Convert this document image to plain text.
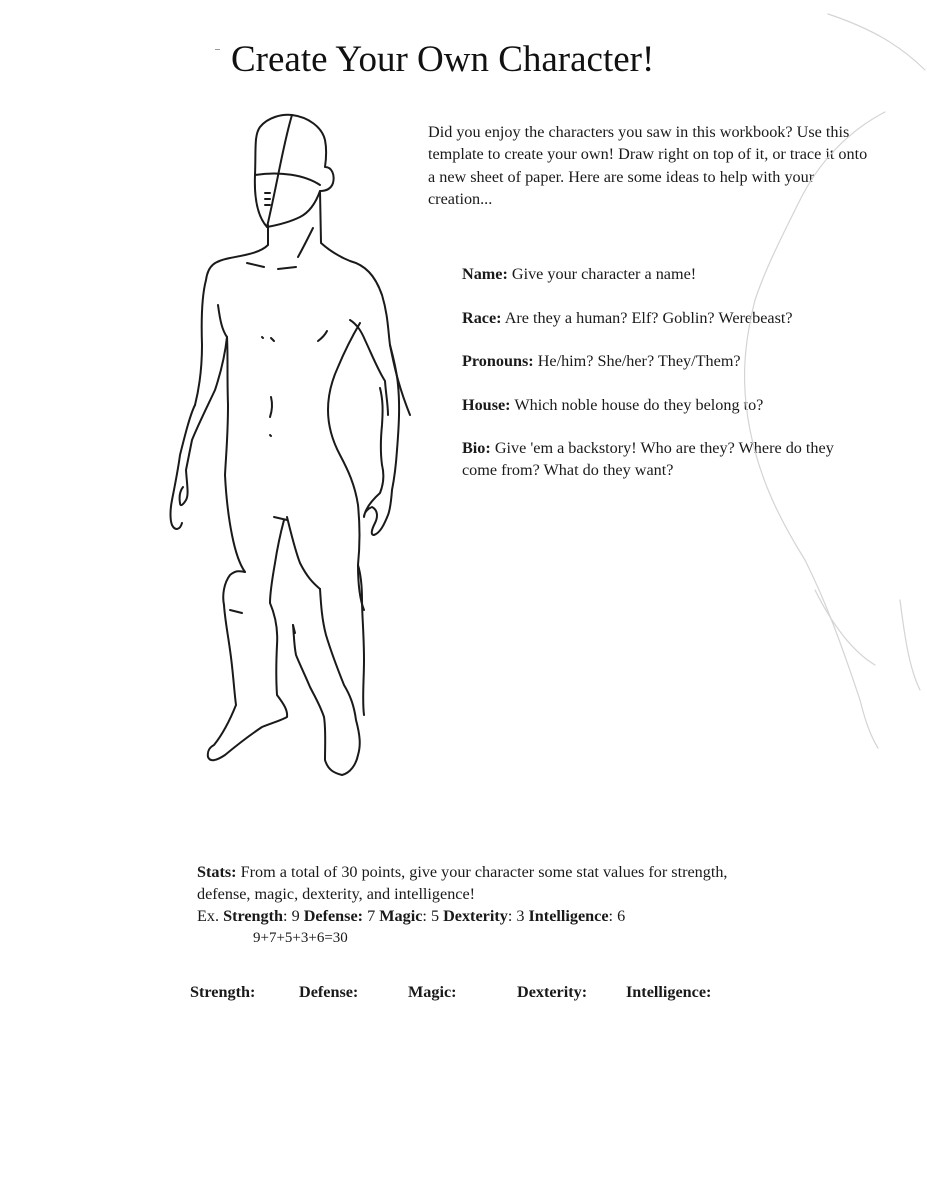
Create Your Own Character!

Did you enjoy the characters you saw in this workbook? Use this template to create your own! Draw right on top of it, or trace it onto a new sheet of paper. Here are some ideas to help with your creation...

Name: Give your character a name!
Race: Are they a human? Elf? Goblin? Werebeast?
Pronouns: He/him? She/her? They/Them?
House: Which noble house do they belong to?
Bio: Give 'em a backstory! Who are they? Where do they come from? What do they want?
Stats: From a total of 30 points, give your character some stat values for strength, defense, magic, dexterity, and intelligence!
Ex. Strength: 9 Defense: 7 Magic: 5 Dexterity: 3 Intelligence: 6
9+7+5+3+6=30
Strength:	Defense:	Magic:	Dexterity: Intelligence:
